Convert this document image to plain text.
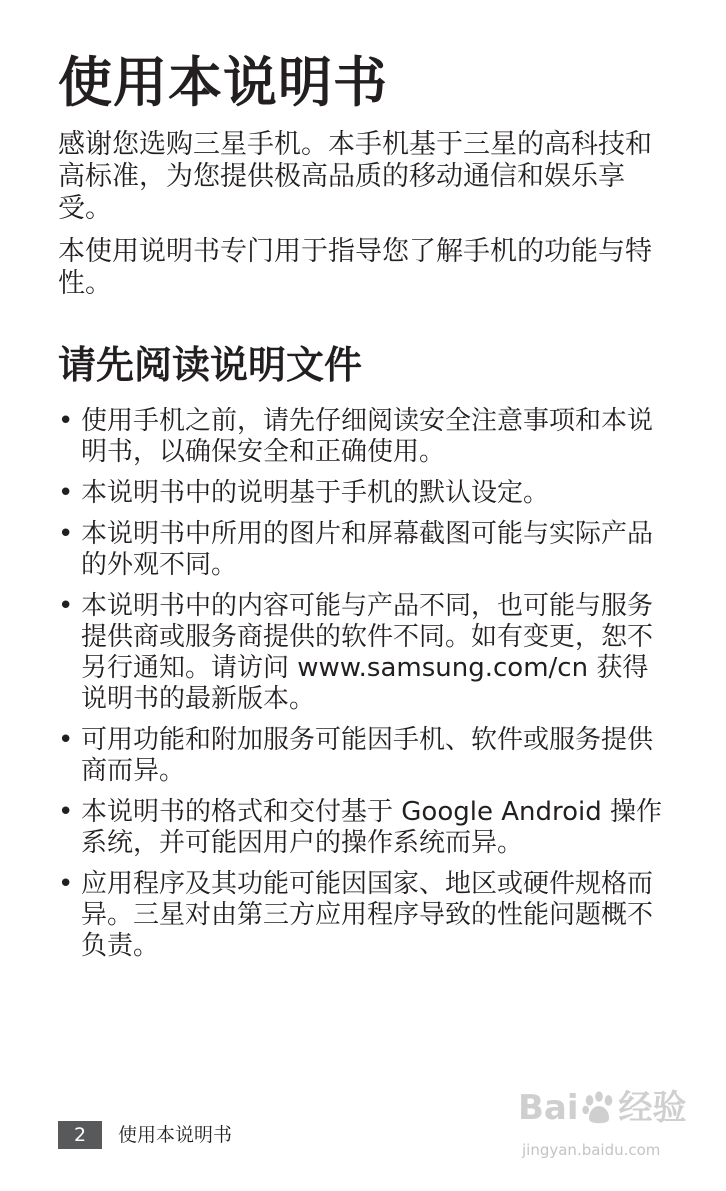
使用本说明书

感谢您选购三星手机。本手机基于三星的高科技和高标准，为您提供极高品质的移动通信和娱乐享受。

本使用说明书专门用于指导您了解手机的功能与特性。

请先阅读说明文件
• 使用手机之前，请先仔细阅读安全注意事项和本说明书，以确保安全和正确使用。
• 本说明书中的说明基于手机的默认设定。
• 本说明书中所用的图片和屏幕截图可能与实际产品的外观不同。
• 本说明书中的内容可能与产品不同，也可能与服务提供商或服务商提供的软件不同。如有变更，恕不另行通知。请访问 www.samsung.com/cn 获得说明书的最新版本。
• 可用功能和附加服务可能因手机、软件或服务提供商而异。
• 本说明书的格式和交付基于 Google Android 操作系统，并可能因用户的操作系统而异。
• 应用程序及其功能可能因国家、地区或硬件规格而异。三星对由第三方应用程序导致的性能问题概不负责。
2	使用本说明书
Bai 经验
jingyan.baidu.com
